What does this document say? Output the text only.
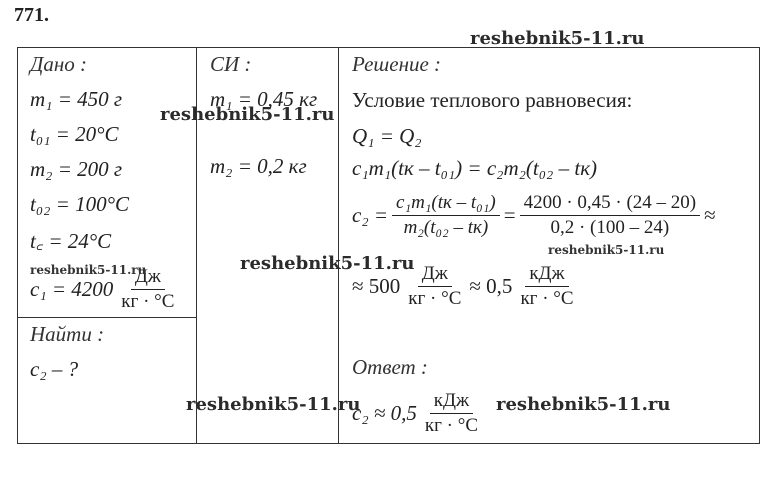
771.
Дано :
m₁ = 450 г
t₀₁ = 20°C
m₂ = 200 г
t₀₂ = 100°C
t꜀ = 24°C
$c_1 = 4200 \frac{Дж}{кг \cdot ^\circ C}$
Найти :
c₂ – ?
СИ :
m₁ = 0,45 кг
m₂ = 0,2 кг
Решение :
Условие теплового равновесия:
Q₁ = Q₂
c₁m₁(tк – t₀₁) = c₂m₂(t₀₂ – tк)
$c_2 = \frac{\text{c₁m₁(tк – t₀₁)}}{\text{m₂(t₀₂ – tк)}} = \frac{4200 \cdot 0,45 \cdot (24 - 20)}{0,2 \cdot (100 - 24)}$ ≈
≈ $500 \frac{Дж}{кг \cdot ^\circ C} \approx 0,5 \frac{\text{кДж}}{кг \cdot ^\circ C}$
Ответ :
$c_2 \approx 0,5 \frac{\text{кДж}}{кг \cdot ^\circ C}$
reshebnik5-11.ru
reshebnik5-11.ru
reshebnik5-11.ru	reshebnik5-11.ru
reshebnik5-11.ru
reshebnik5-11.ru	reshebnik5-11.ru
